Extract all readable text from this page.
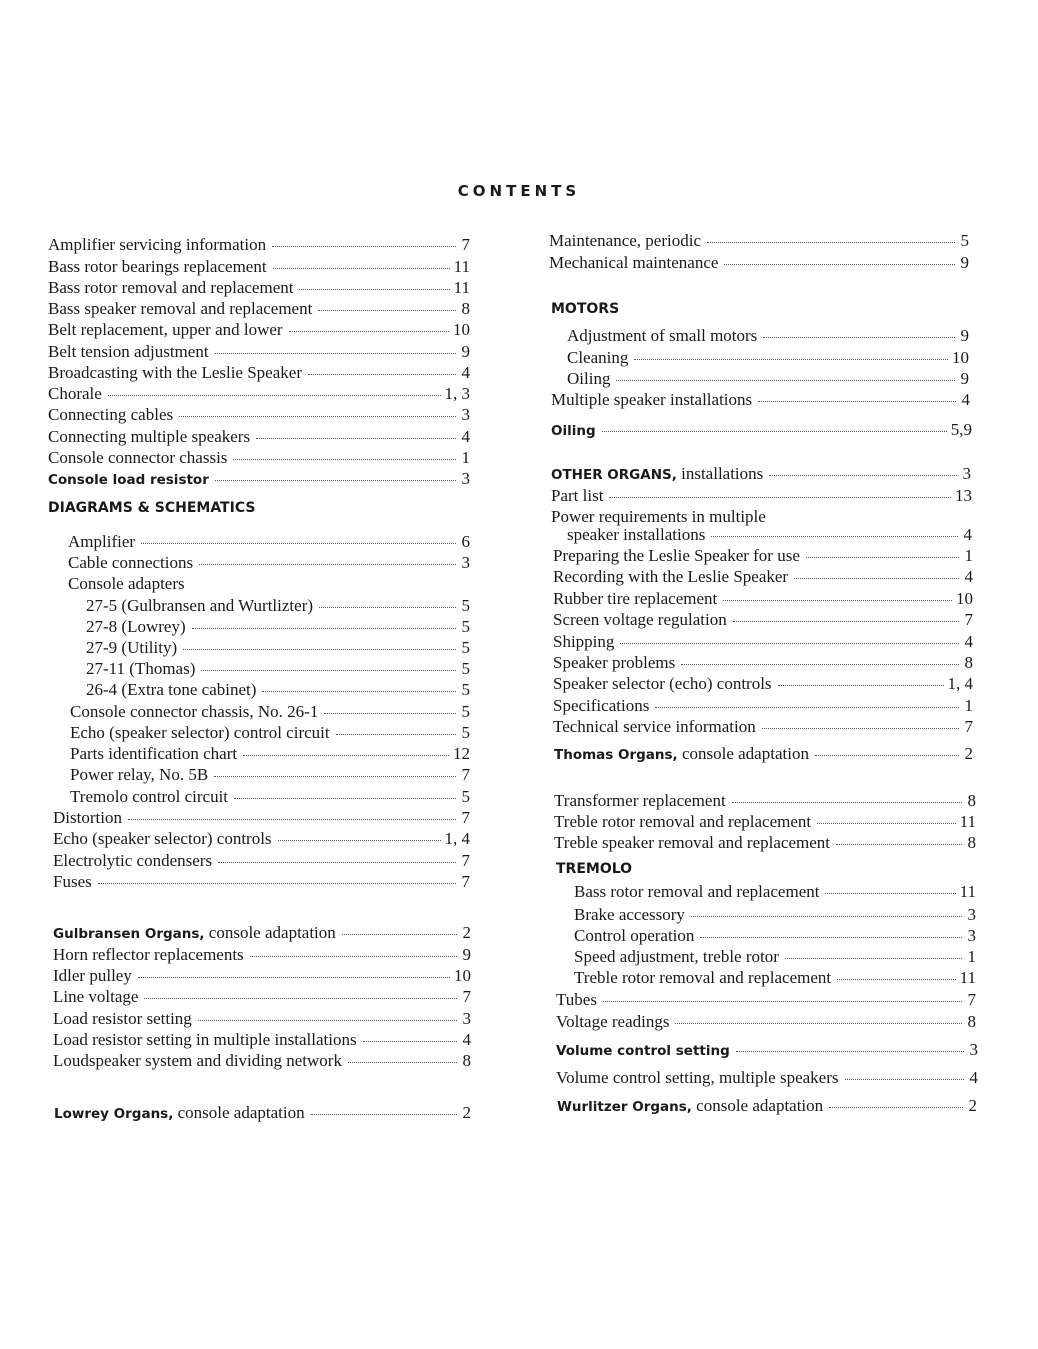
CONTENTS
Amplifier servicing information	7
Bass rotor bearings replacement	11
Bass rotor removal and replacement	11
Bass speaker removal and replacement	8
Belt replacement, upper and lower	10
Belt tension adjustment	9
Broadcasting with the Leslie Speaker	4
Chorale	1, 3
Connecting cables	3
Connecting multiple speakers	4
Console connector chassis	1
Console load resistor	3
DIAGRAMS & SCHEMATICS
Amplifier	6
Cable connections	3
Console adapters
27-5 (Gulbransen and Wurtlizter)	5
27-8 (Lowrey)	5
27-9 (Utility)	5
27-11 (Thomas)	5
26-4 (Extra tone cabinet)	5
Console connector chassis, No. 26-1	5
Echo (speaker selector) control circuit	5
Parts identification chart	12
Power relay, No. 5B	7
Tremolo control circuit	5
Distortion	7
Echo (speaker selector) controls	1, 4
Electrolytic condensers	7
Fuses	7
Gulbransen Organs, console adaptation	2
Horn reflector replacements	9
Idler pulley	10
Line voltage	7
Load resistor setting	3
Load resistor setting in multiple installations	4
Loudspeaker system and dividing network	8
Lowrey Organs, console adaptation	2
Maintenance, periodic	5
Mechanical maintenance	9
MOTORS
Adjustment of small motors	9
Cleaning	10
Oiling	9
Multiple speaker installations	4
Oiling	5,9
OTHER ORGANS, installations	3
Part list	13
Power requirements in multiple
speaker installations	4
Preparing the Leslie Speaker for use	1
Recording with the Leslie Speaker	4
Rubber tire replacement	10
Screen voltage regulation	7
Shipping	4
Speaker problems	8
Speaker selector (echo) controls	1, 4
Specifications	1
Technical service information	7
Thomas Organs, console adaptation	2
Transformer replacement	8
Treble rotor removal and replacement	11
Treble speaker removal and replacement	8
TREMOLO
Bass rotor removal and replacement	11
Brake accessory	3
Control operation	3
Speed adjustment, treble rotor	1
Treble rotor removal and replacement	11
Tubes	7
Voltage readings	8
Volume control setting	3
Volume control setting, multiple speakers	4
Wurlitzer Organs, console adaptation	2
